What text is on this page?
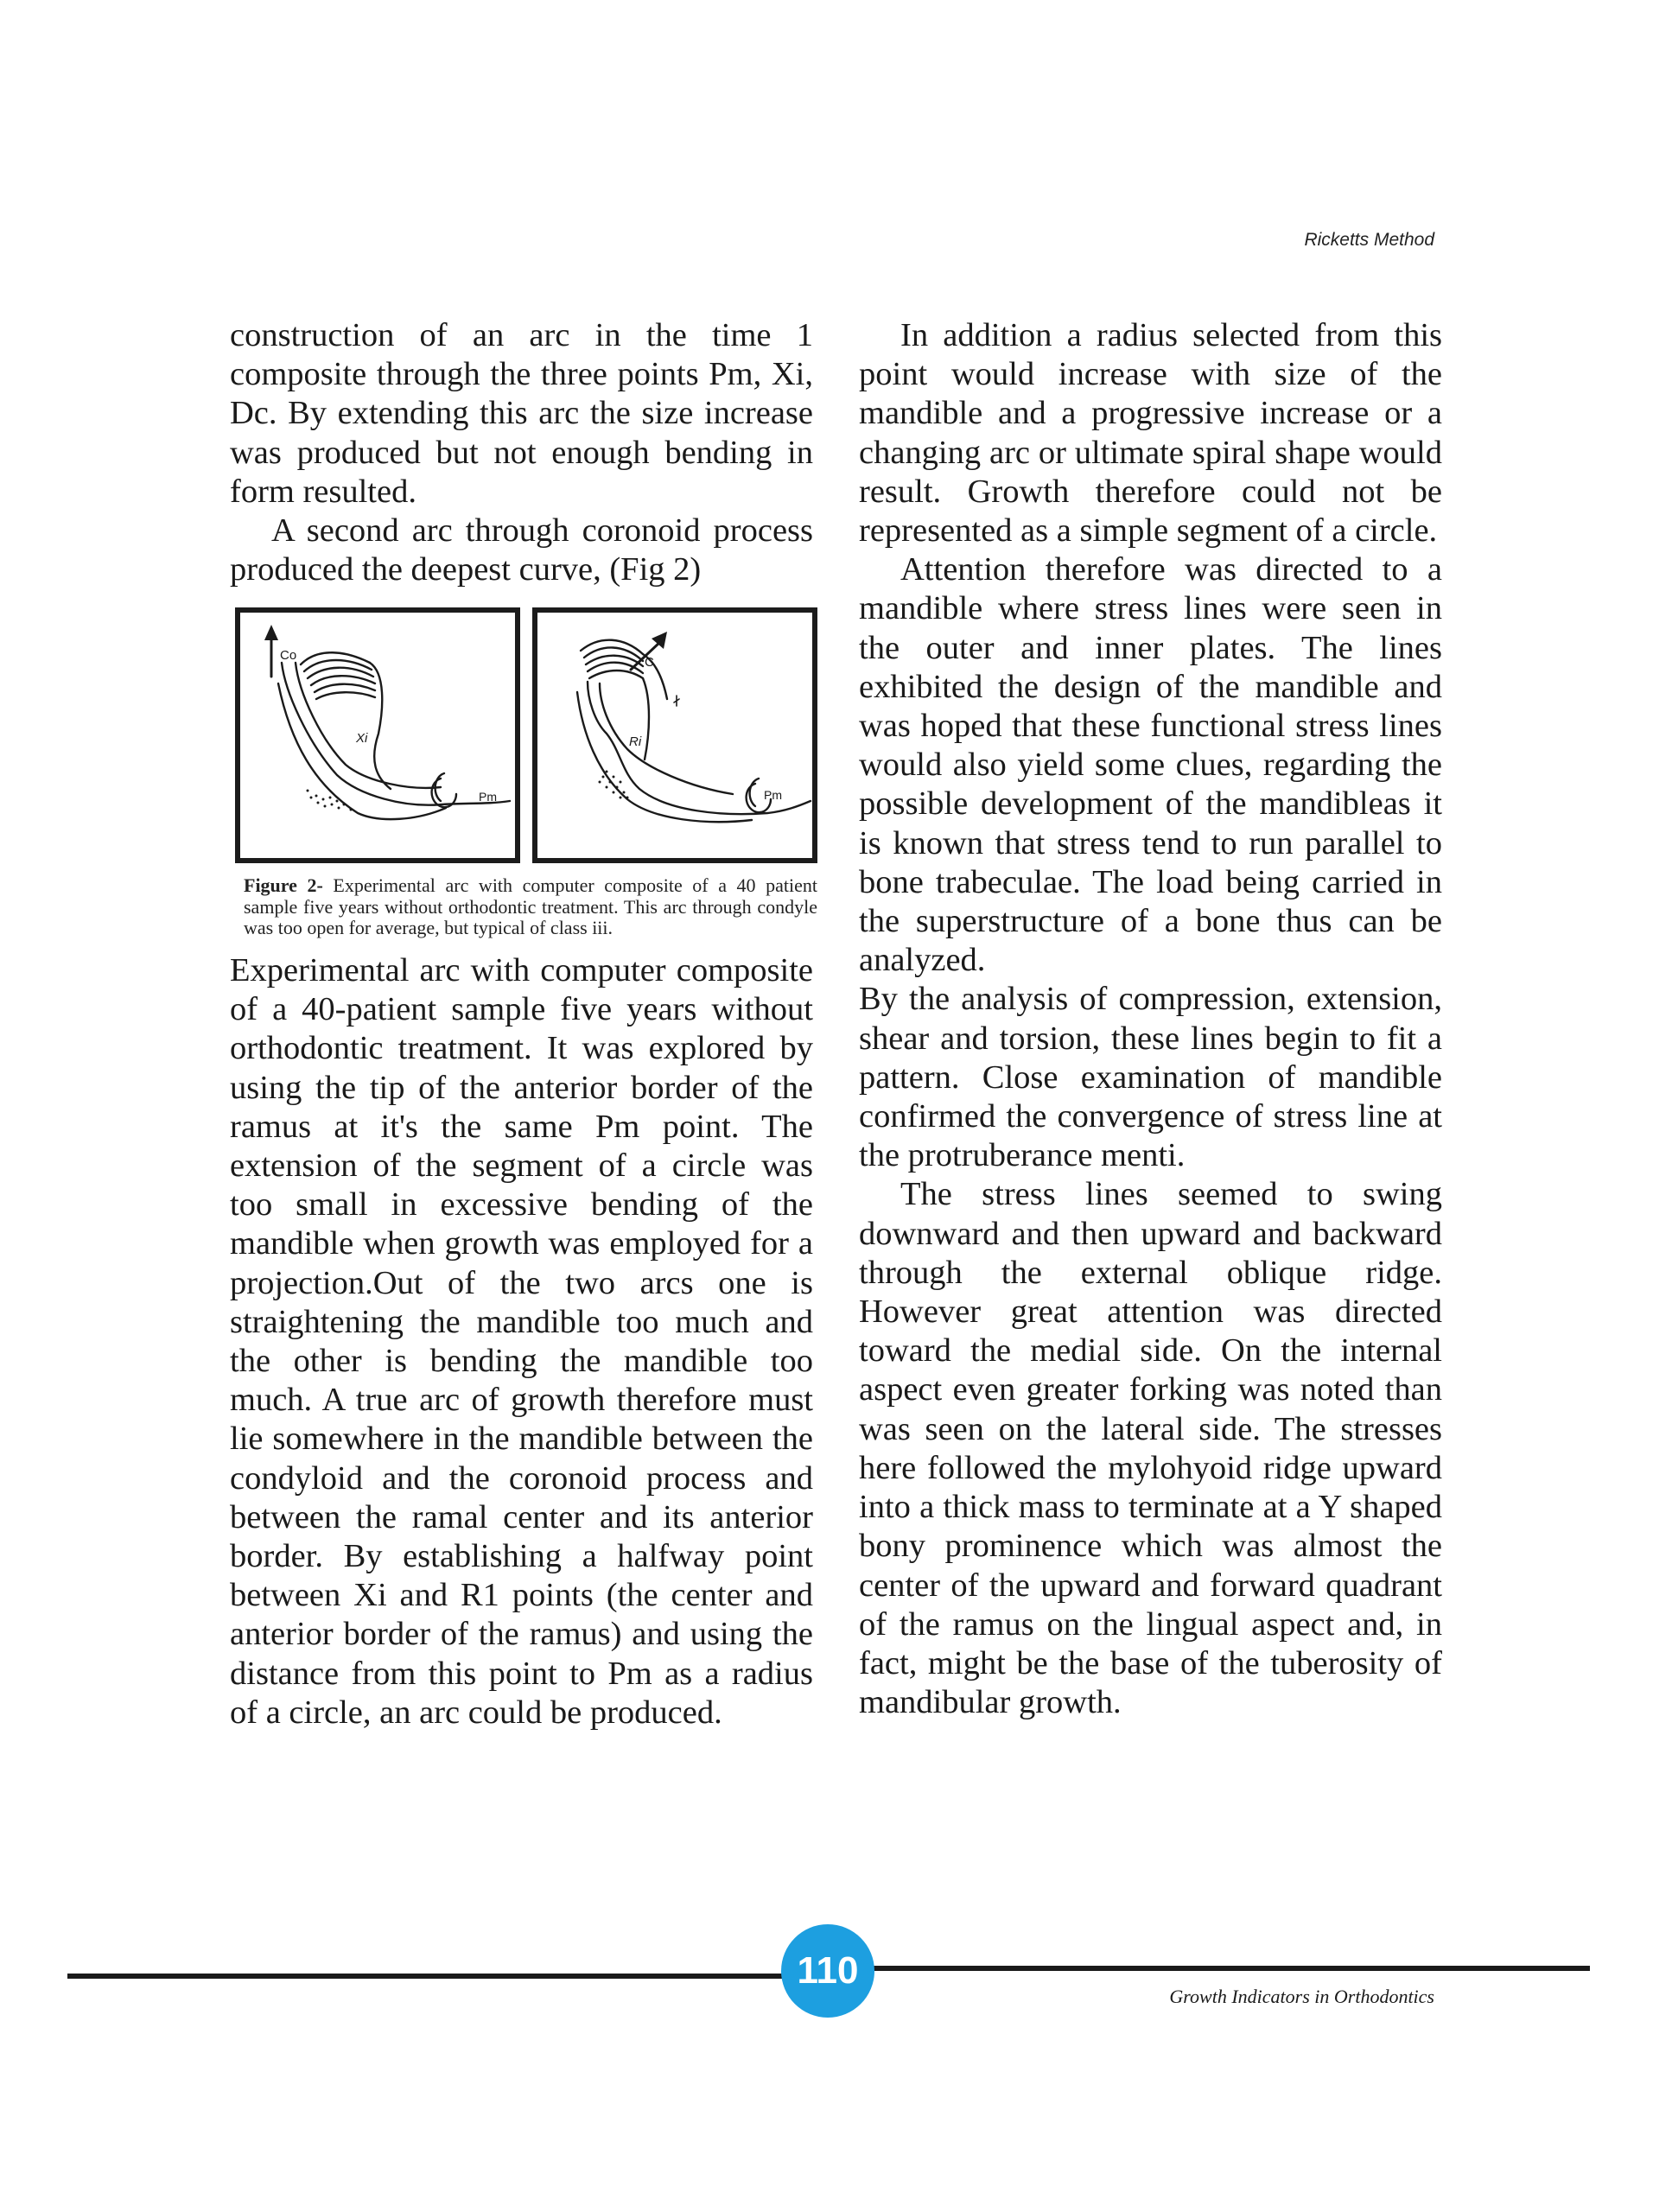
Ricketts Method

construction of an arc in the time 1 composite through the three points Pm, Xi, Dc. By extending this arc the size increase was produced but not enough bending in form resulted.

A second arc through coronoid process produced the deepest curve, (Fig 2)

Co
Xi
Pm
C
Ri
Pm
Figure 2- Experimental arc with computer composite of a 40 patient sample five years without orthodontic treatment. This arc through condyle was too open for average, but typical of class iii.

Experimental arc with computer composite of a 40-patient sample five years without orthodontic treatment. It was explored by using the tip of the anterior border of the ramus at it's the same Pm point. The extension of the segment of a circle was too small in excessive bending of the mandible when growth was employed for a projection.Out of the two arcs one is straightening the mandible too much and the other is bending the mandible too much. A true arc of growth therefore must lie somewhere in the mandible between the condyloid and the coronoid process and between the ramal center and its anterior border. By establishing a halfway point between Xi and R1 points (the center and anterior border of the ramus) and using the distance from this point to Pm as a radius of a circle, an arc could be produced.

In addition a radius selected from this point would increase with size of the mandible and a progressive increase or a changing arc or ultimate spiral shape would result. Growth therefore could not be represented as a simple segment of a circle.

Attention therefore was directed to a mandible where stress lines were seen in the outer and inner plates. The lines exhibited the design of the mandible and was hoped that these functional stress lines would also yield some clues, regarding the possible development of the mandibleas it is known that stress tend to run parallel to bone trabeculae. The load being carried in the superstructure of a bone thus can be analyzed.

By the analysis of compression, extension, shear and torsion, these lines begin to fit a pattern. Close examination of mandible confirmed the convergence of stress line at the protruberance menti.

The stress lines seemed to swing downward and then upward and backward through the external oblique ridge. However great attention was directed toward the medial side. On the internal aspect even greater forking was noted than was seen on the lateral side. The stresses here followed the mylohyoid ridge upward into a thick mass to terminate at a Y shaped bony prominence which was almost the center of the upward and forward quadrant of the ramus on the lingual aspect and, in fact, might be the base of the tuberosity of mandibular growth.

110
Growth Indicators in Orthodontics
